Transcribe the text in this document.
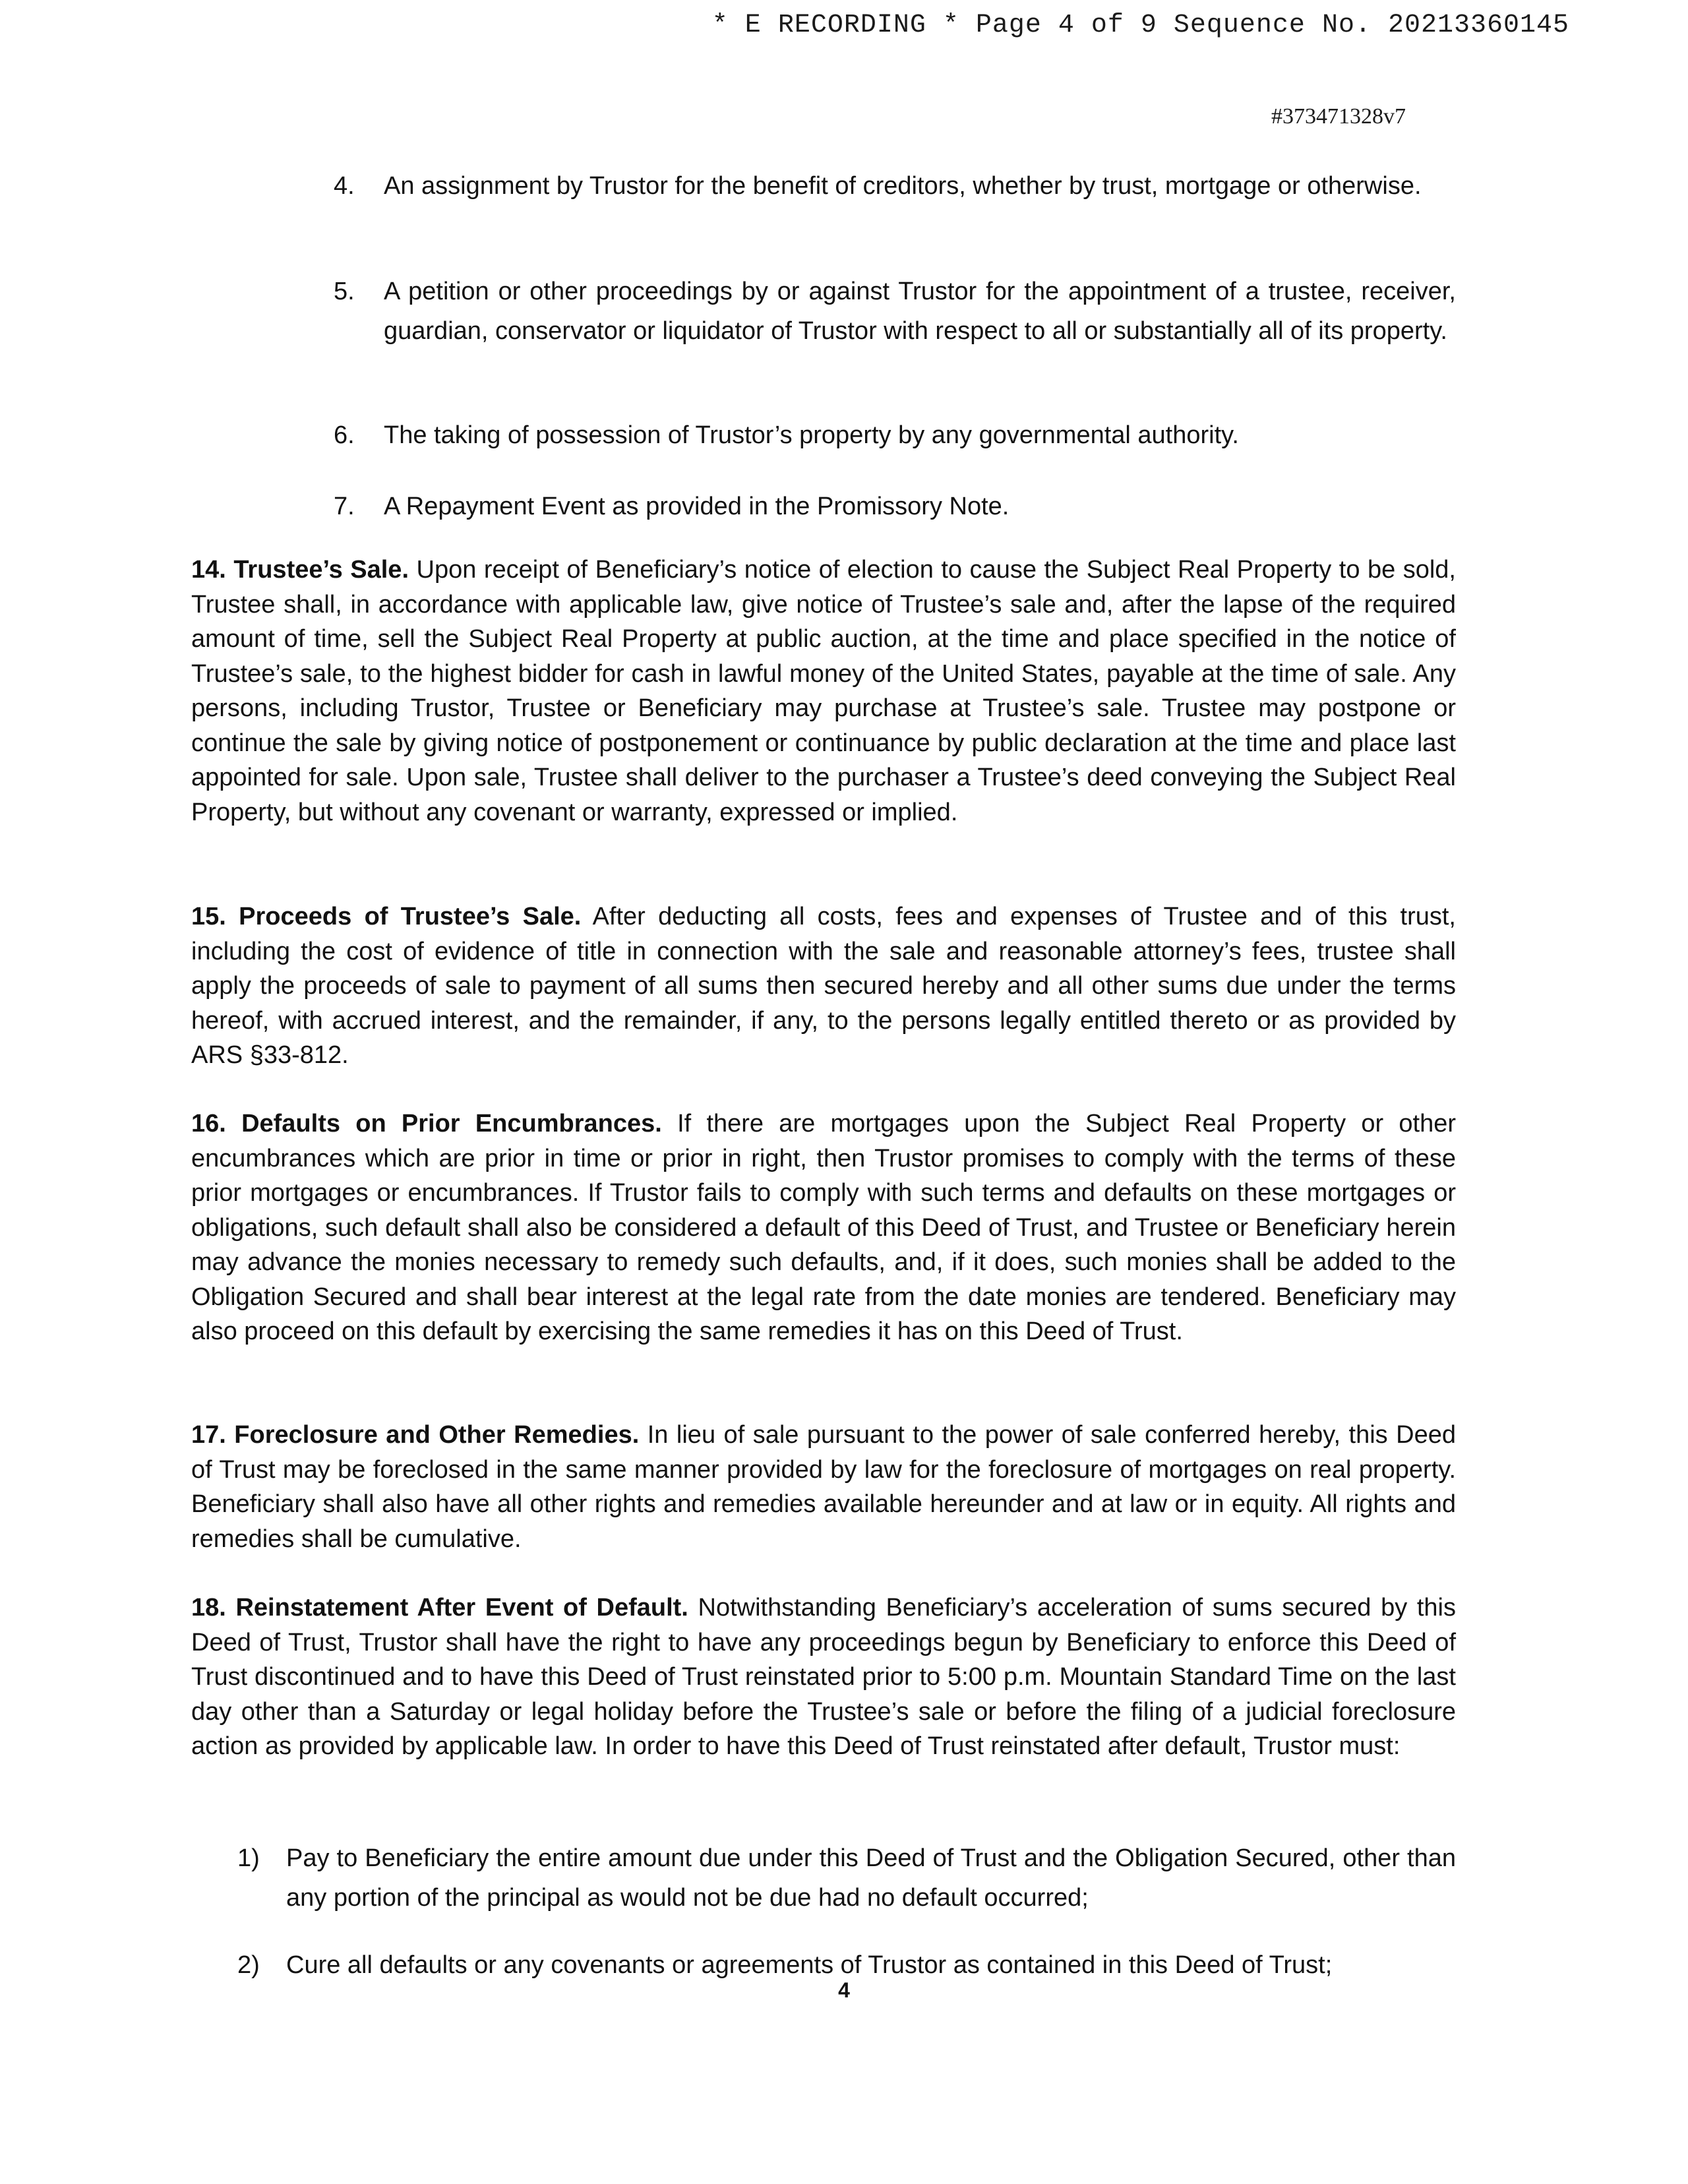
* E RECORDING * Page 4 of 9 Sequence No. 20213360145
#373471328v7
4. An assignment by Trustor for the benefit of creditors, whether by trust, mortgage or otherwise.
5. A petition or other proceedings by or against Trustor for the appointment of a trustee, receiver, guardian, conservator or liquidator of Trustor with respect to all or substantially all of its property.
6. The taking of possession of Trustor’s property by any governmental authority.
7. A Repayment Event as provided in the Promissory Note.
14. Trustee’s Sale. Upon receipt of Beneficiary’s notice of election to cause the Subject Real Property to be sold, Trustee shall, in accordance with applicable law, give notice of Trustee’s sale and, after the lapse of the required amount of time, sell the Subject Real Property at public auction, at the time and place specified in the notice of Trustee’s sale, to the highest bidder for cash in lawful money of the United States, payable at the time of sale. Any persons, including Trustor, Trustee or Beneficiary may purchase at Trustee’s sale. Trustee may postpone or continue the sale by giving notice of postponement or continuance by public declaration at the time and place last appointed for sale. Upon sale, Trustee shall deliver to the purchaser a Trustee’s deed conveying the Subject Real Property, but without any covenant or warranty, expressed or implied.
15. Proceeds of Trustee’s Sale. After deducting all costs, fees and expenses of Trustee and of this trust, including the cost of evidence of title in connection with the sale and reasonable attorney’s fees, trustee shall apply the proceeds of sale to payment of all sums then secured hereby and all other sums due under the terms hereof, with accrued interest, and the remainder, if any, to the persons legally entitled thereto or as provided by ARS §33-812.
16. Defaults on Prior Encumbrances. If there are mortgages upon the Subject Real Property or other encumbrances which are prior in time or prior in right, then Trustor promises to comply with the terms of these prior mortgages or encumbrances. If Trustor fails to comply with such terms and defaults on these mortgages or obligations, such default shall also be considered a default of this Deed of Trust, and Trustee or Beneficiary herein may advance the monies necessary to remedy such defaults, and, if it does, such monies shall be added to the Obligation Secured and shall bear interest at the legal rate from the date monies are tendered. Beneficiary may also proceed on this default by exercising the same remedies it has on this Deed of Trust.
17. Foreclosure and Other Remedies. In lieu of sale pursuant to the power of sale conferred hereby, this Deed of Trust may be foreclosed in the same manner provided by law for the foreclosure of mortgages on real property. Beneficiary shall also have all other rights and remedies available hereunder and at law or in equity. All rights and remedies shall be cumulative.
18. Reinstatement After Event of Default. Notwithstanding Beneficiary’s acceleration of sums secured by this Deed of Trust, Trustor shall have the right to have any proceedings begun by Beneficiary to enforce this Deed of Trust discontinued and to have this Deed of Trust reinstated prior to 5:00 p.m. Mountain Standard Time on the last day other than a Saturday or legal holiday before the Trustee’s sale or before the filing of a judicial foreclosure action as provided by applicable law. In order to have this Deed of Trust reinstated after default, Trustor must:
1) Pay to Beneficiary the entire amount due under this Deed of Trust and the Obligation Secured, other than any portion of the principal as would not be due had no default occurred;
2) Cure all defaults or any covenants or agreements of Trustor as contained in this Deed of Trust;
4
